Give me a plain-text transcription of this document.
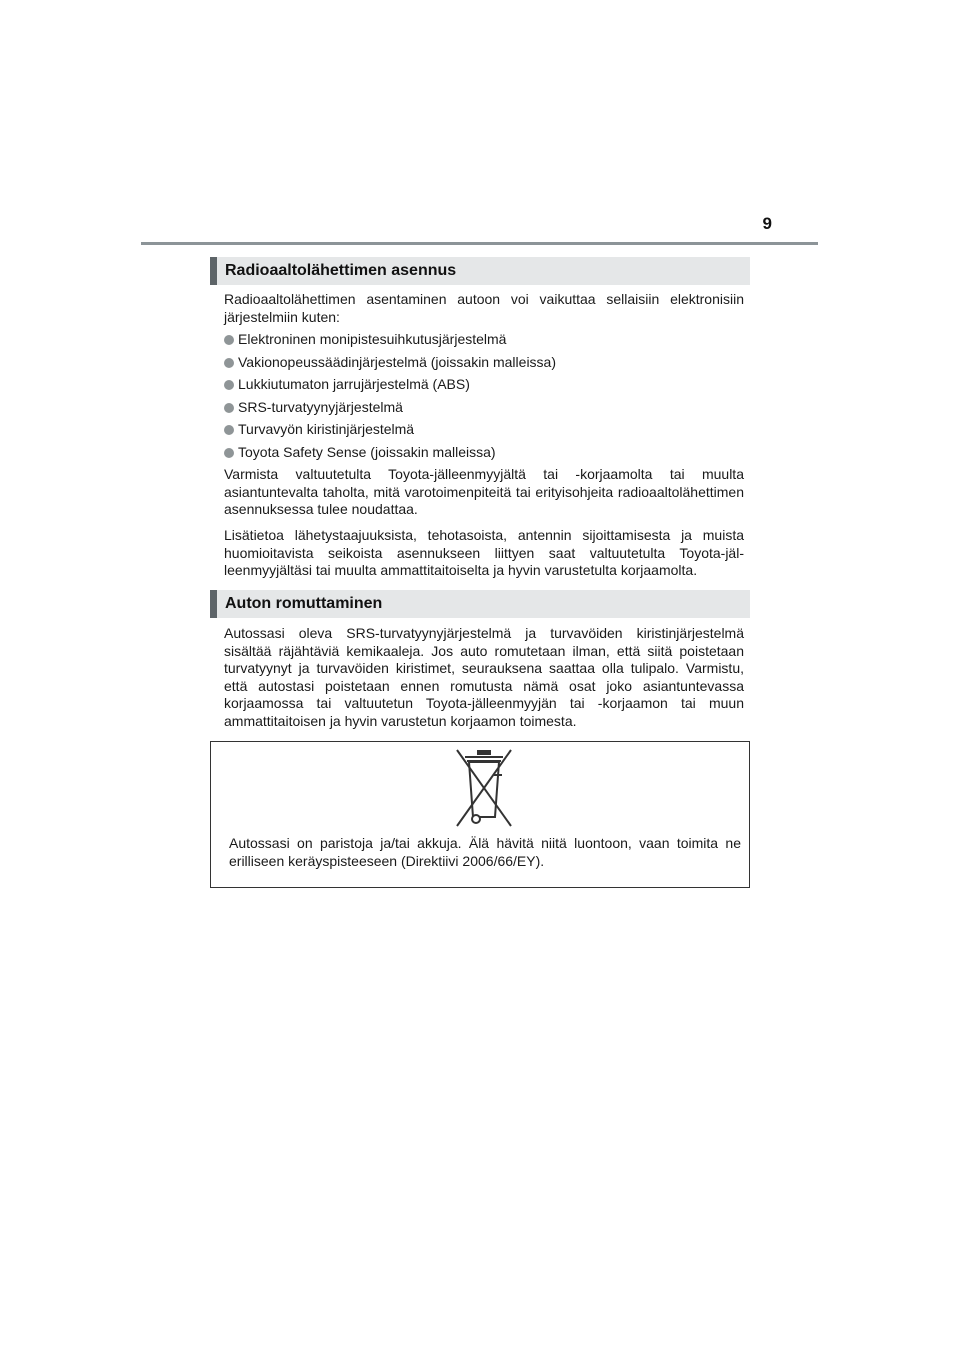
9
Radioaaltolähettimen asennus

Radioaaltolähettimen asentaminen autoon voi vaikuttaa sellaisiin elektronisiin järjestelmiin kuten:

Elektroninen monipistesuihkutusjärjestelmä
Vakionopeussäädinjärjestelmä (joissakin malleissa)
Lukkiutumaton jarrujärjestelmä (ABS)
SRS-turvatyynyjärjestelmä
Turvavyön kiristinjärjestelmä
Toyota Safety Sense (joissakin malleissa)

Varmista valtuutetulta Toyota-jälleenmyyjältä tai -korjaamolta tai muulta asiantuntevalta taholta, mitä varotoimenpiteitä tai erityisohjeita radioaaltolähettimen asennuksessa tulee noudattaa.

Lisätietoa lähetystaajuuksista, tehotasoista, antennin sijoittamisesta ja muista huomioitavista seikoista asennukseen liittyen saat valtuutetulta Toyota-jälleenmyyjältäsi tai muulta ammattitaitoiselta ja hyvin varustetulta korjaamolta.

Auton romuttaminen

Autossasi oleva SRS-turvatyynyjärjestelmä ja turvavöiden kiristinjärjestelmä sisältää räjähtäviä kemikaaleja. Jos auto romutetaan ilman, että siitä poistetaan turvatyynyt ja turvavöiden kiristimet, seurauksena saattaa olla tulipalo. Varmistu, että autostasi poistetaan ennen romutusta nämä osat joko asiantuntevassa korjaamossa tai valtuutetun Toyota-jälleenmyyjän tai -korjaamon tai muun ammattitaitoisen ja hyvin varustetun korjaamon toimesta.

Autossasi on paristoja ja/tai akkuja. Älä hävitä niitä luontoon, vaan toimita ne erilliseen keräyspisteeseen (Direktiivi 2006/66/EY).
